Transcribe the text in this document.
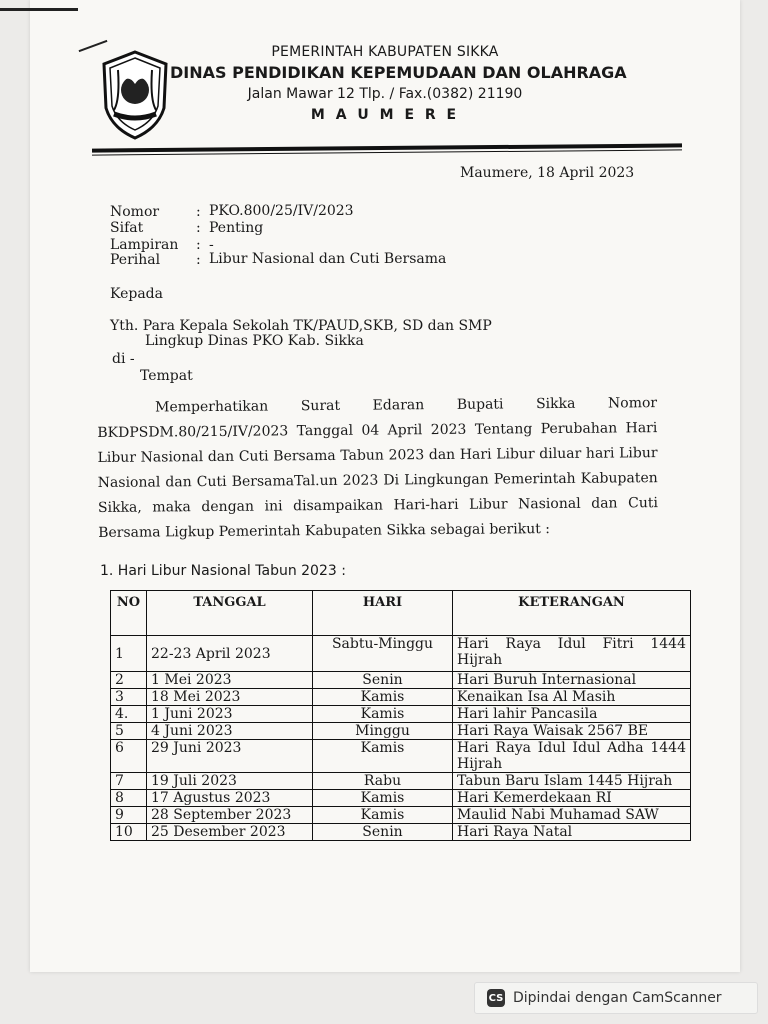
PEMERINTAH KABUPATEN SIKKA
DINAS PENDIDIKAN KEPEMUDAAN DAN OLAHRAGA
Jalan Mawar 12 Tlp. / Fax.(0382) 21190
M A U M E R E
Maumere, 18 April 2023
Nomor	: PKO.800/25/IV/2023
Sifat	: Penting
Lampiran : -
Perihal	: Libur Nasional dan Cuti Bersama
Kepada
Yth. Para Kepala Sekolah TK/PAUD,SKB, SD dan SMP
Lingkup Dinas PKO Kab. Sikka
di -
Tempat
Memperhatikan Surat Edaran Bupati Sikka Nomor BKDPSDM.80/215/IV/2023 Tanggal 04 April 2023 Tentang Perubahan Hari Libur Nasional dan Cuti Bersama Tabun 2023 dan Hari Libur diluar hari Libur Nasional dan Cuti BersamaTal.un 2023 Di Lingkungan Pemerintah Kabupaten Sikka, maka dengan ini disampaikan Hari-hari Libur Nasional dan Cuti Bersama Ligkup Pemerintah Kabupaten Sikka sebagai berikut :
1. Hari Libur Nasional Tabun 2023 :
NO	TANGGAL	HARI	KETERANGAN
1	22-23 April 2023	Sabtu-Minggu	Hari Raya Idul Fitri 1444 Hijrah

2	1 Mei 2023	Senin	Hari Buruh Internasional
3	18 Mei 2023	Kamis	Kenaikan Isa Al Masih
4.	1 Juni 2023	Kamis	Hari lahir Pancasila
5	4 Juni 2023	Minggu	Hari Raya Waisak 2567 BE
6	29 Juni 2023	Kamis	Hari Raya Idul Idul Adha 1444 Hijrah

7	19 Juli 2023	Rabu	Tabun Baru Islam 1445 Hijrah
8	17 Agustus 2023	Kamis	Hari Kemerdekaan RI
9	28 September 2023	Kamis	Maulid Nabi Muhamad SAW
10	25 Desember 2023	Senin	Hari Raya Natal
CS Dipindai dengan CamScanner
